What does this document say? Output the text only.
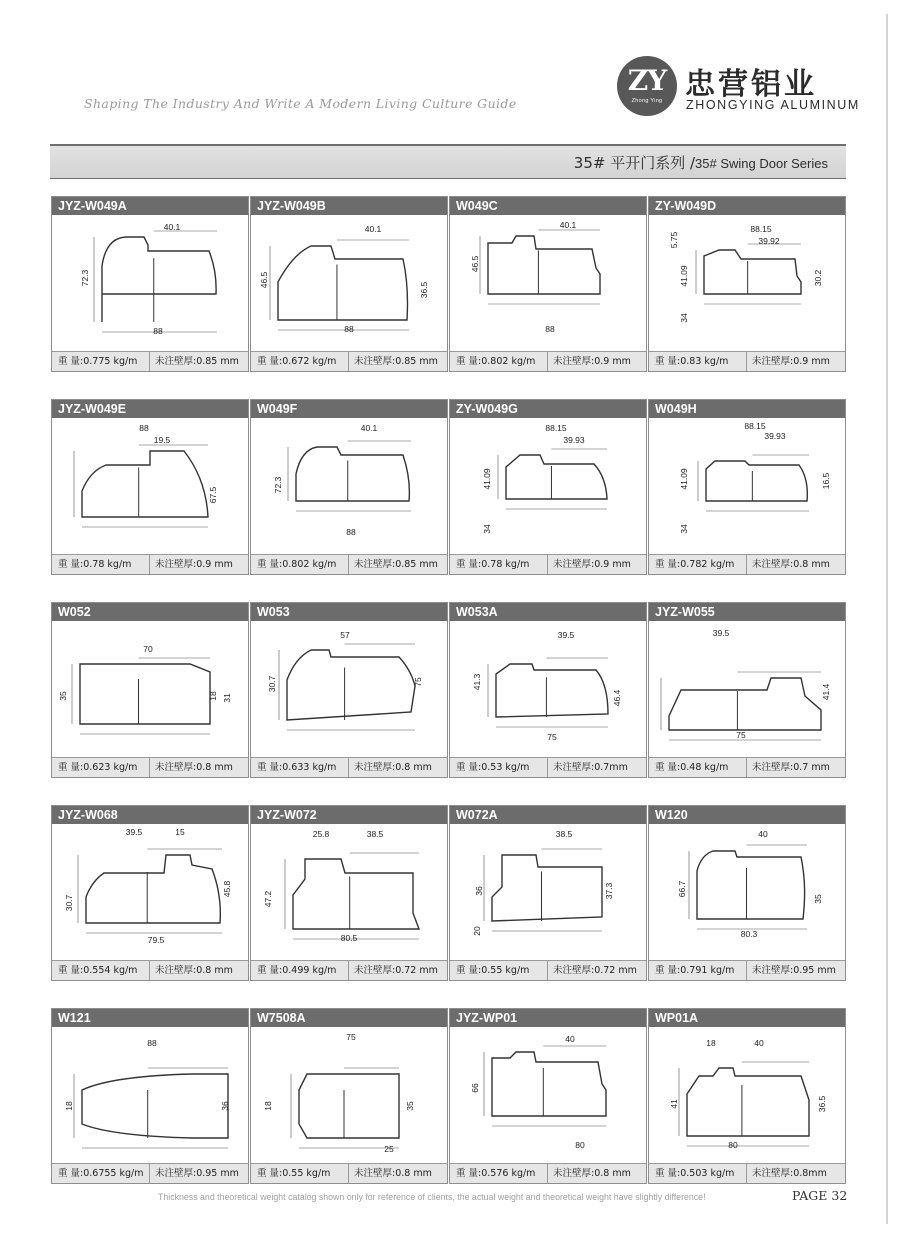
Shaping The Industry And Write A Modern Living Culture Guide
ZY
Zhong Ying 忠营铝业
ZHONGYING ALUMINUM
35# 平开门系列 /35# Swing Door Series
JYZ-W049A
40.1
72.3
88
重 量:0.775 kg/m	未注壁厚:0.85 mm
JYZ-W049B
40.1
46.5
36.5
88
重 量:0.672 kg/m	未注壁厚:0.85 mm
W049C
40.1
46.5
88
重 量:0.802 kg/m	未注壁厚:0.9 mm
ZY-W049D
88.15
39.92
5.75
41.09
34
30.2
重 量:0.83 kg/m	未注壁厚:0.9 mm
JYZ-W049E
88
19.5
67.5
重 量:0.78 kg/m	未注壁厚:0.9 mm
W049F
40.1
72.3
88
重 量:0.802 kg/m	未注壁厚:0.85 mm
ZY-W049G
88.15
39.93
41.09
34
重 量:0.78 kg/m	未注壁厚:0.9 mm
W049H
88.15
39.93
41.09
34
16.5
重 量:0.782 kg/m	未注壁厚:0.8 mm
W052
70
35	18 31
重 量:0.623 kg/m	未注壁厚:0.8 mm
W053
57
30.7	75
重 量:0.633 kg/m	未注壁厚:0.8 mm
W053A
39.5
41.3
46.4
75
重 量:0.53 kg/m	未注壁厚:0.7mm
JYZ-W055
39.5
41.4
75
重 量:0.48 kg/m	未注壁厚:0.7 mm
JYZ-W068
39.5	15
30.7
45.8
79.5
重 量:0.554 kg/m	未注壁厚:0.8 mm
JYZ-W072
25.8	38.5
47.2
80.5
重 量:0.499 kg/m	未注壁厚:0.72 mm
W072A
38.5
36	37.3
20
重 量:0.55 kg/m	未注壁厚:0.72 mm
W120
40
66.7
35
80.3
重 量:0.791 kg/m	未注壁厚:0.95 mm
W121
88
18	36
重 量:0.6755 kg/m	未注壁厚:0.95 mm
W7508A
75
18	35
25
重 量:0.55 kg/m	未注壁厚:0.8 mm
JYZ-WP01
40
66
80
重 量:0.576 kg/m	未注壁厚:0.8 mm
WP01A
18	40
41	36.5
80
重 量:0.503 kg/m	未注壁厚:0.8mm
Thickness and theoretical weight catalog shown only for reference of clients, the actual weight and theoretical weight have slightly difference!	PAGE 32
